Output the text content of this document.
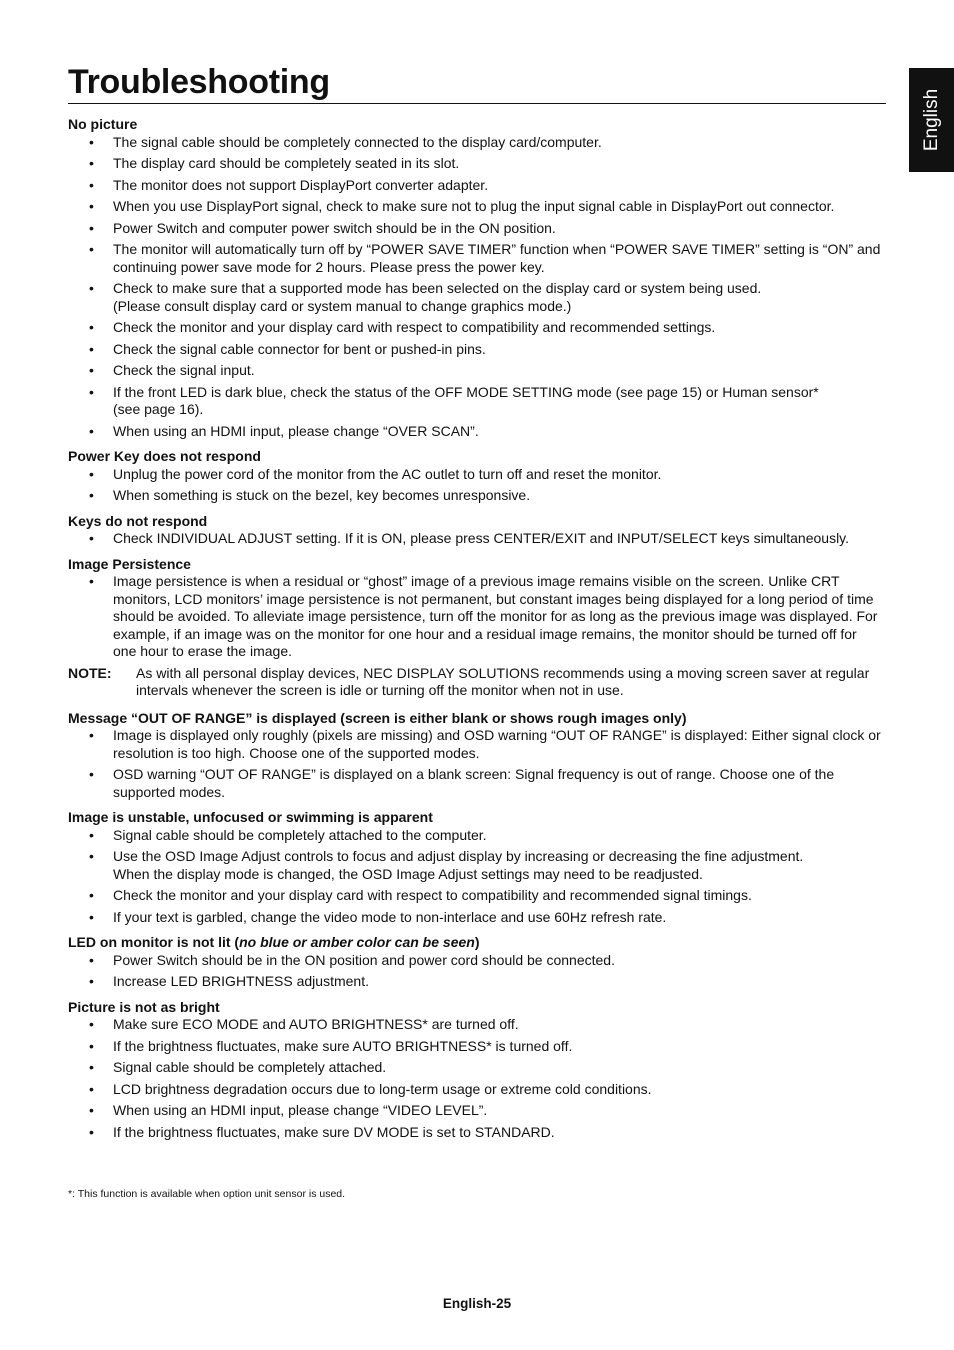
Troubleshooting
English

No picture

• The signal cable should be completely connected to the display card/computer.
• The display card should be completely seated in its slot.
• The monitor does not support DisplayPort converter adapter.
• When you use DisplayPort signal, check to make sure not to plug the input signal cable in DisplayPort out connector.
• Power Switch and computer power switch should be in the ON position.
• The monitor will automatically turn off by “POWER SAVE TIMER” function when “POWER SAVE TIMER” setting is “ON” and continuing power save mode for 2 hours. Please press the power key.
• Check to make sure that a supported mode has been selected on the display card or system being used.
(Please consult display card or system manual to change graphics mode.)
• Check the monitor and your display card with respect to compatibility and recommended settings.
• Check the signal cable connector for bent or pushed-in pins.
• Check the signal input.
• If the front LED is dark blue, check the status of the OFF MODE SETTING mode (see page 15) or Human sensor*
(see page 16).
• When using an HDMI input, please change “OVER SCAN”.

Power Key does not respond

• Unplug the power cord of the monitor from the AC outlet to turn off and reset the monitor.
• When something is stuck on the bezel, key becomes unresponsive.

Keys do not respond

• Check INDIVIDUAL ADJUST setting. If it is ON, please press CENTER/EXIT and INPUT/SELECT keys simultaneously.

Image Persistence

• Image persistence is when a residual or “ghost” image of a previous image remains visible on the screen. Unlike CRT monitors, LCD monitors’ image persistence is not permanent, but constant images being displayed for a long period of time should be avoided. To alleviate image persistence, turn off the monitor for as long as the previous image was displayed. For example, if an image was on the monitor for one hour and a residual image remains, the monitor should be turned off for one hour to erase the image.
NOTE:	As with all personal display devices, NEC DISPLAY SOLUTIONS recommends using a moving screen saver at regular intervals whenever the screen is idle or turning off the monitor when not in use.

Message “OUT OF RANGE” is displayed (screen is either blank or shows rough images only)

• Image is displayed only roughly (pixels are missing) and OSD warning “OUT OF RANGE” is displayed: Either signal clock or resolution is too high. Choose one of the supported modes.
• OSD warning “OUT OF RANGE” is displayed on a blank screen: Signal frequency is out of range. Choose one of the supported modes.

Image is unstable, unfocused or swimming is apparent

• Signal cable should be completely attached to the computer.
• Use the OSD Image Adjust controls to focus and adjust display by increasing or decreasing the fine adjustment.
When the display mode is changed, the OSD Image Adjust settings may need to be readjusted.
• Check the monitor and your display card with respect to compatibility and recommended signal timings.
• If your text is garbled, change the video mode to non-interlace and use 60Hz refresh rate.

LED on monitor is not lit (no blue or amber color can be seen)

• Power Switch should be in the ON position and power cord should be connected.
• Increase LED BRIGHTNESS adjustment.

Picture is not as bright

• Make sure ECO MODE and AUTO BRIGHTNESS* are turned off.
• If the brightness fluctuates, make sure AUTO BRIGHTNESS* is turned off.
• Signal cable should be completely attached.
• LCD brightness degradation occurs due to long-term usage or extreme cold conditions.
• When using an HDMI input, please change “VIDEO LEVEL”.
• If the brightness fluctuates, make sure DV MODE is set to STANDARD.
*: This function is available when option unit sensor is used.
English-25
